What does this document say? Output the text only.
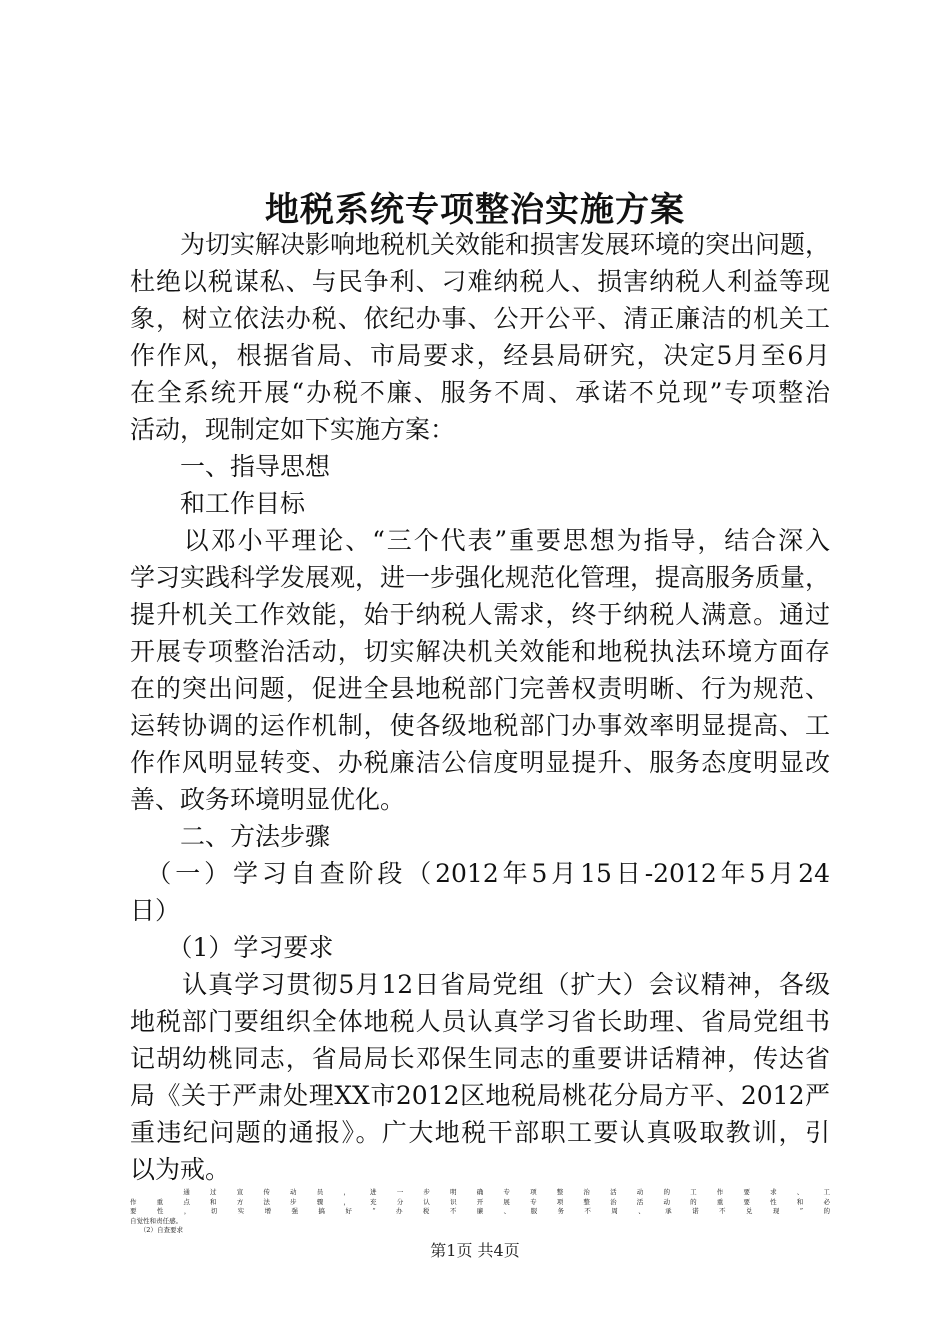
地税系统专项整治实施方案
　　为切实解决影响地税机关效能和损害发展环境的突出问题，
杜绝以税谋私、与民争利、刁难纳税人、损害纳税人利益等现
象，树立依法办税、依纪办事、公开公平、清正廉洁的机关工
作作风，根据省局、市局要求，经县局研究，决定5月至6月
在全系统开展“办税不廉、服务不周、承诺不兑现”专项整治
活动，现制定如下实施方案：
　　一、指导思想
　　和工作目标
　　以邓小平理论、“三个代表”重要思想为指导，结合深入
学习实践科学发展观，进一步强化规范化管理，提高服务质量，
提升机关工作效能，始于纳税人需求，终于纳税人满意。通过
开展专项整治活动，切实解决机关效能和地税执法环境方面存
在的突出问题，促进全县地税部门完善权责明晰、行为规范、
运转协调的运作机制，使各级地税部门办事效率明显提高、工
作作风明显转变、办税廉洁公信度明显提升、服务态度明显改
善、政务环境明显优化。
　　二、方法步骤
　（一）学习自查阶段（2012年5月15日-2012年5月24
日）
　　（1）学习要求
　　认真学习贯彻5月12日省局党组（扩大）会议精神，各级
地税部门要组织全体地税人员认真学习省长助理、省局党组书
记胡幼桃同志，省局局长邓保生同志的重要讲话精神，传达省
局《关于严肃处理XX市2012区地税局桃花分局方平、2012严
重违纪问题的通报》。广大地税干部职工要认真吸取教训，引
以为戒。
第1页 共4页
　　通过宣传动员，进一步明确专项整治活动的工作要求、工
作重点和方法步骤，充分认识开展专项整治活动的重要性和必
要性，切实增强搞好“办税不廉、服务不周、承诺不兑现”的
自觉性和责任感。
　　（2）自查要求
